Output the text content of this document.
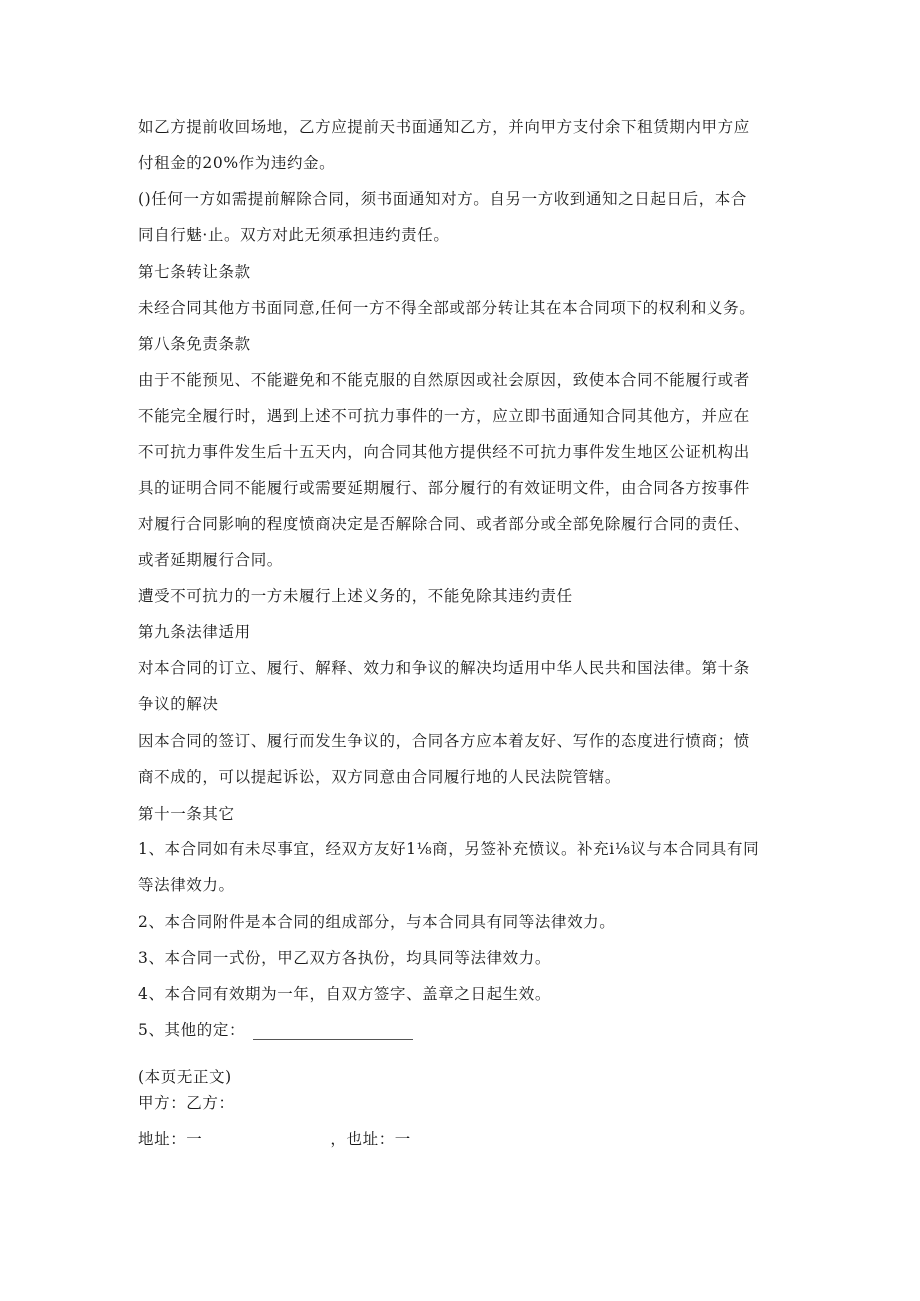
如乙方提前收回场地，乙方应提前天书面通知乙方，并向甲方支付余下租赁期内甲方应

付租金的20%作为违约金。

()任何一方如需提前解除合同，须书面通知对方。自另一方收到通知之日起日后，本合

同自行魅·止。双方对此无须承担违约责任。

第七条转让条款

未经合同其他方书面同意,任何一方不得全部或部分转让其在本合同项下的权利和义务。

第八条免责条款

由于不能预见、不能避免和不能克服的自然原因或社会原因，致使本合同不能履行或者

不能完全履行时，遇到上述不可抗力事件的一方，应立即书面通知合同其他方，并应在

不可抗力事件发生后十五天内，向合同其他方提供经不可抗力事件发生地区公证机构出

具的证明合同不能履行或需要延期履行、部分履行的有效证明文件，由合同各方按事件

对履行合同影响的程度愤商决定是否解除合同、或者部分或全部免除履行合同的责任、

或者延期履行合同。

遭受不可抗力的一方未履行上述义务的，不能免除其违约责任

第九条法律适用

对本合同的订立、履行、解释、效力和争议的解决均适用中华人民共和国法律。第十条

争议的解决

因本合同的签订、履行而发生争议的，合同各方应本着友好、写作的态度进行愤商；愤

商不成的，可以提起诉讼，双方同意由合同履行地的人民法院管辖。

第十一条其它

1、本合同如有未尽事宜，经双方友好1⅛商，另签补充愤议。补充i⅛议与本合同具有同

等法律效力。

2、本合同附件是本合同的组成部分，与本合同具有同等法律效力。

3、本合同一式份，甲乙双方各执份，均具同等法律效力。

4、本合同有效期为一年，自双方签字、盖章之日起生效。

5、其他的定：

(本页无正文)

甲方：乙方：

地址：一	，也址：一
